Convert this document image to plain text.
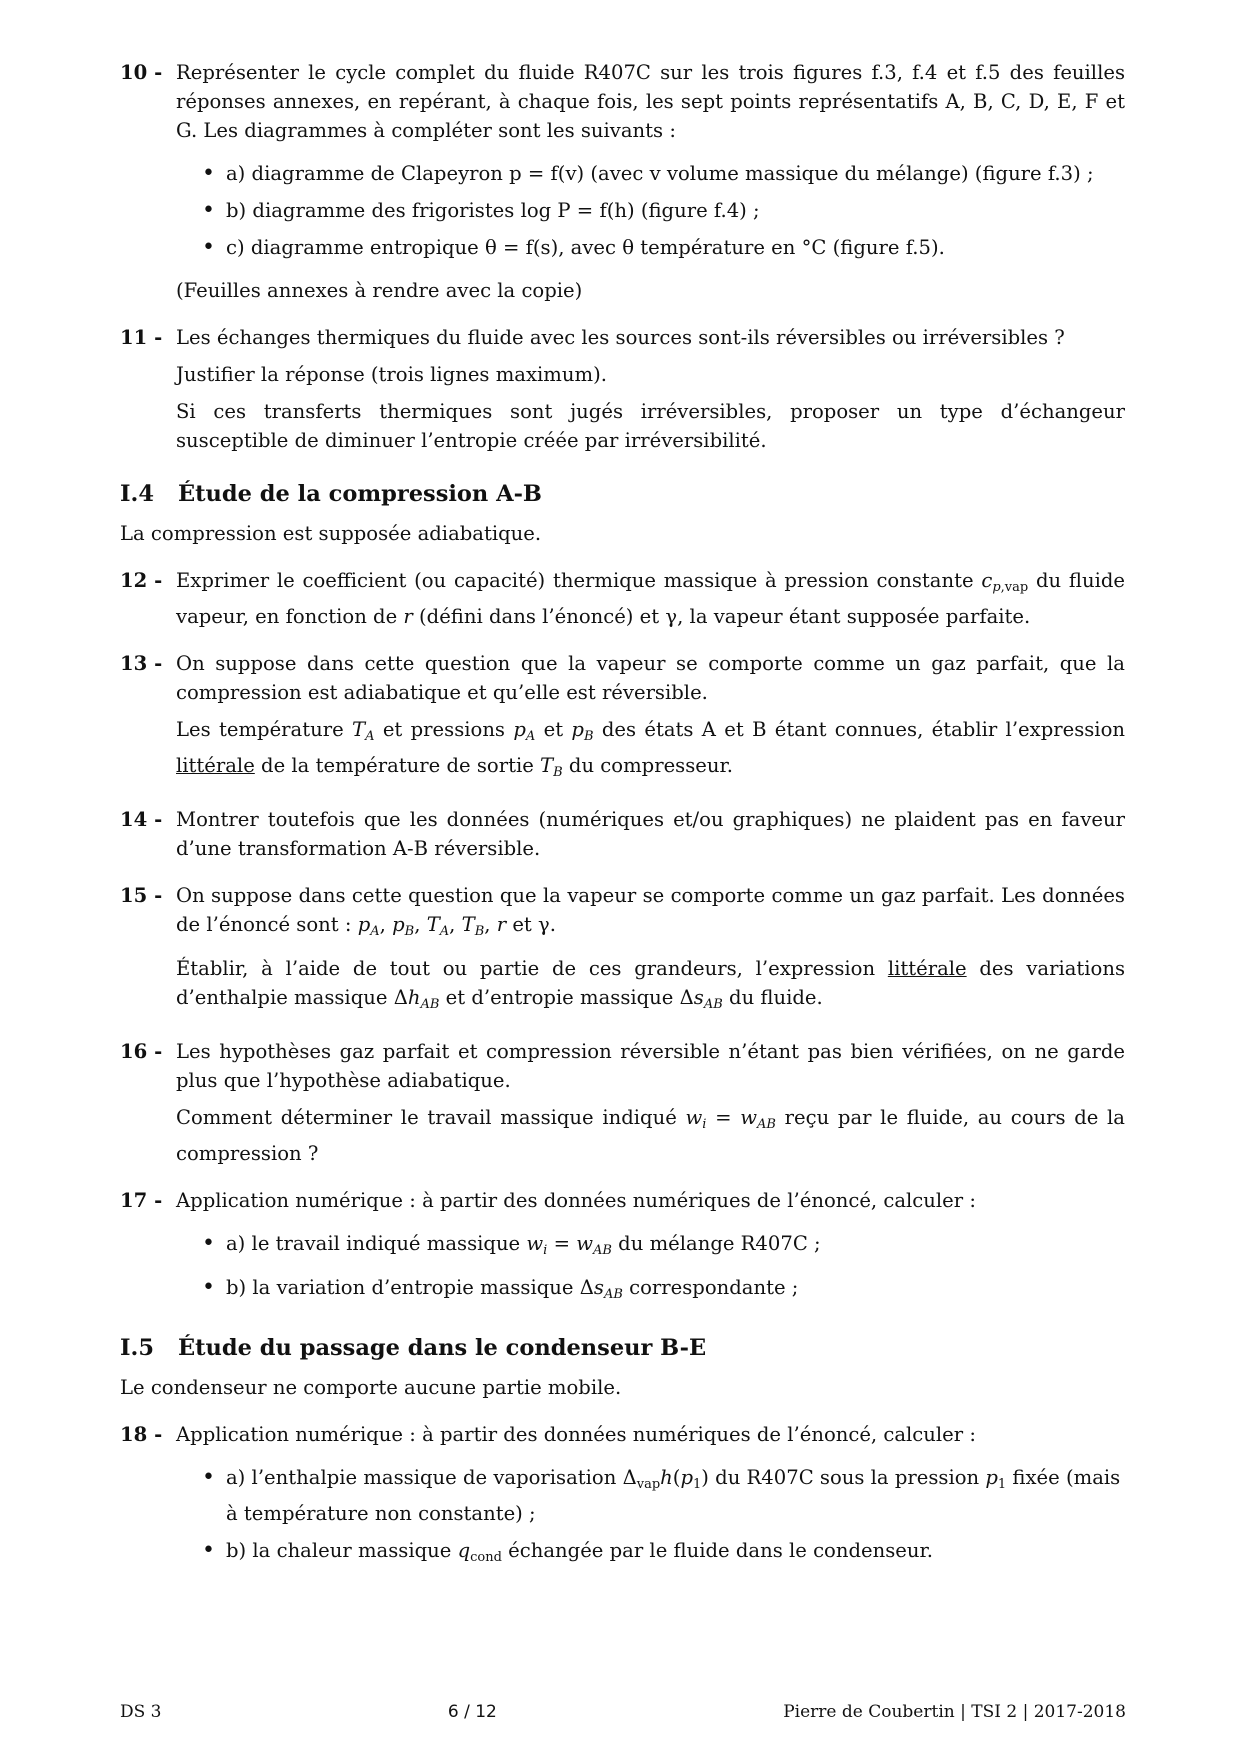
10 - Représenter le cycle complet du fluide R407C sur les trois figures f.3, f.4 et f.5 des feuilles réponses annexes, en repérant, à chaque fois, les sept points représentatifs A, B, C, D, E, F et G. Les diagrammes à compléter sont les suivants :

• a) diagramme de Clapeyron p = f(v) (avec v volume massique du mélange) (figure f.3) ;
• b) diagramme des frigoristes log P = f(h) (figure f.4) ;
• c) diagramme entropique θ = f(s), avec θ température en °C (figure f.5).

(Feuilles annexes à rendre avec la copie)

11 - Les échanges thermiques du fluide avec les sources sont-ils réversibles ou irréversibles ?

Justifier la réponse (trois lignes maximum).

Si ces transferts thermiques sont jugés irréversibles, proposer un type d’échangeur susceptible de diminuer l’entropie créée par irréversibilité.

I.4	Étude de la compression A-B

La compression est supposée adiabatique.

12 - Exprimer le coefficient (ou capacité) thermique massique à pression constante $c_{p,vap}$ du fluide vapeur, en fonction de r (défini dans l’énoncé) et γ, la vapeur étant supposée parfaite.

13 - On suppose dans cette question que la vapeur se comporte comme un gaz parfait, que la compression est adiabatique et qu’elle est réversible.

Les température $T_A$ et pressions $p_A$ et $p_B$ des états A et B étant connues, établir l’expression littérale de la température de sortie $T_B$ du compresseur.

14 - Montrer toutefois que les données (numériques et/ou graphiques) ne plaident pas en faveur d’une transformation A-B réversible.

15 - On suppose dans cette question que la vapeur se comporte comme un gaz parfait. Les données de l’énoncé sont : $p_A$, $p_B$, $T_A$, $T_B$, r et γ.

Établir, à l’aide de tout ou partie de ces grandeurs, l’expression littérale des variations d’enthalpie massique $\Delta h_{AB}$ et d’entropie massique $\Delta s_{AB}$ du fluide.

16 - Les hypothèses gaz parfait et compression réversible n’étant pas bien vérifiées, on ne garde plus que l’hypothèse adiabatique.

Comment déterminer le travail massique indiqué $w_i = w_{AB}$ reçu par le fluide, au cours de la compression ?

17 - Application numérique : à partir des données numériques de l’énoncé, calculer :

• a) le travail indiqué massique $w_i = w_{AB}$ du mélange R407C ;
• b) la variation d’entropie massique $\Delta s_{AB}$ correspondante ;
I.5	Étude du passage dans le condenseur B-E

Le condenseur ne comporte aucune partie mobile.

18 - Application numérique : à partir des données numériques de l’énoncé, calculer :

• a) l’enthalpie massique de vaporisation $\Delta_{vap}h(p_1)$ du R407C sous la pression $p_1$ fixée (mais à température non constante) ;
• b) la chaleur massique $q_{cond}$ échangée par le fluide dans le condenseur.
DS 3	6 / 12	Pierre de Coubertin | TSI 2 | 2017-2018
